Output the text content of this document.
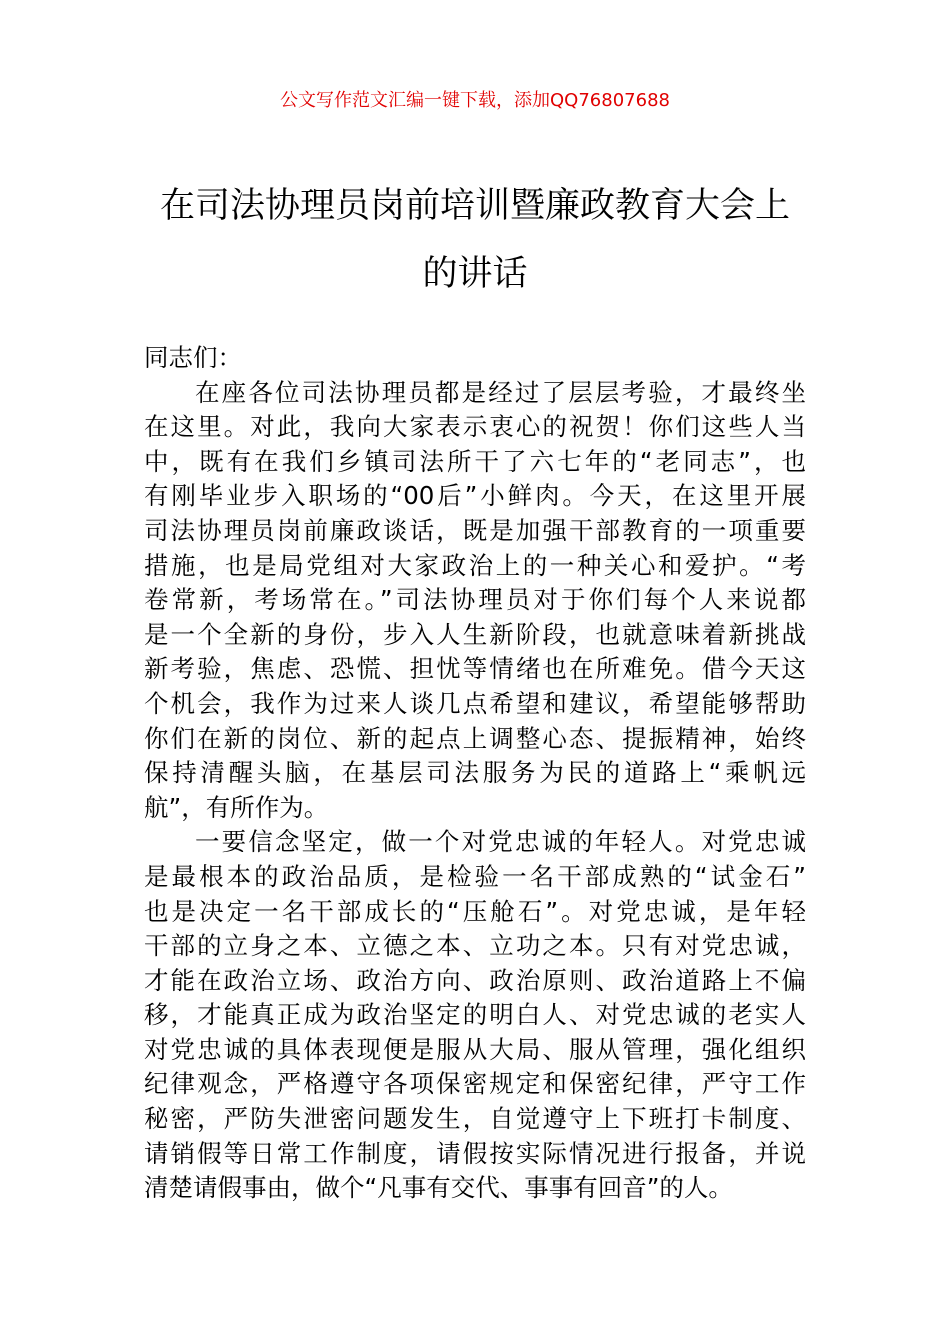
公文写作范文汇编一键下载，添加QQ76807688
在司法协理员岗前培训暨廉政教育大会上
的讲话
同志们：
在座各位司法协理员都是经过了层层考验，才最终坐
在这里。对此，我向大家表示衷心的祝贺！你们这些人当
中，既有在我们乡镇司法所干了六七年的“老同志”，也
有刚毕业步入职场的“00后”小鲜肉。今天，在这里开展
司法协理员岗前廉政谈话，既是加强干部教育的一项重要
措施，也是局党组对大家政治上的一种关心和爱护。“考
卷常新，考场常在。”司法协理员对于你们每个人来说都
是一个全新的身份，步入人生新阶段，也就意味着新挑战
新考验，焦虑、恐慌、担忧等情绪也在所难免。借今天这
个机会，我作为过来人谈几点希望和建议，希望能够帮助
你们在新的岗位、新的起点上调整心态、提振精神，始终
保持清醒头脑，在基层司法服务为民的道路上“乘帆远
航”，有所作为。
一要信念坚定，做一个对党忠诚的年轻人。对党忠诚
是最根本的政治品质，是检验一名干部成熟的“试金石”
也是决定一名干部成长的“压舱石”。对党忠诚，是年轻
干部的立身之本、立德之本、立功之本。只有对党忠诚，
才能在政治立场、政治方向、政治原则、政治道路上不偏
移，才能真正成为政治坚定的明白人、对党忠诚的老实人
对党忠诚的具体表现便是服从大局、服从管理，强化组织
纪律观念，严格遵守各项保密规定和保密纪律，严守工作
秘密，严防失泄密问题发生，自觉遵守上下班打卡制度、
请销假等日常工作制度，请假按实际情况进行报备，并说
清楚请假事由，做个“凡事有交代、事事有回音”的人。
